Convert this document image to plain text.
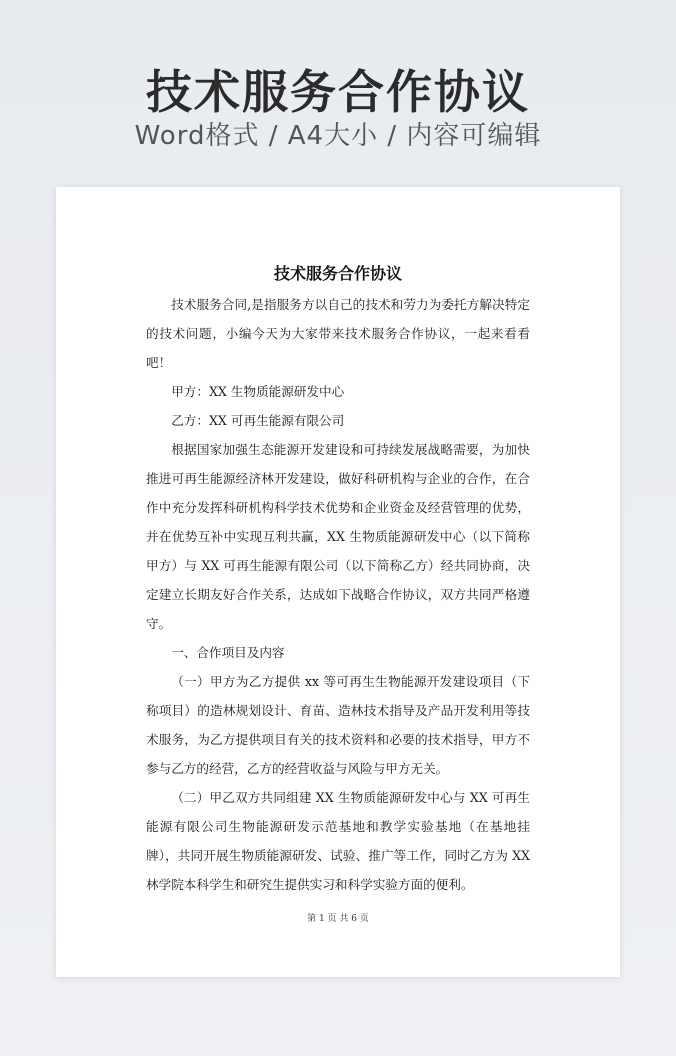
技术服务合作协议
Word格式 / A4大小 / 内容可编辑
技术服务合作协议

技术服务合同,是指服务方以自己的技术和劳力为委托方解决特定的技术问题，小编今天为大家带来技术服务合作协议，一起来看看吧！

甲方：XX 生物质能源研发中心

乙方：XX 可再生能源有限公司

根据国家加强生态能源开发建设和可持续发展战略需要，为加快推进可再生能源经济林开发建设，做好科研机构与企业的合作，在合作中充分发挥科研机构科学技术优势和企业资金及经营管理的优势，并在优势互补中实现互利共赢，XX 生物质能源研发中心（以下简称甲方）与 XX 可再生能源有限公司（以下简称乙方）经共同协商，决定建立长期友好合作关系，达成如下战略合作协议，双方共同严格遵守。

一、合作项目及内容

（一）甲方为乙方提供 xx 等可再生生物能源开发建设项目（下称项目）的造林规划设计、育苗、造林技术指导及产品开发利用等技术服务，为乙方提供项目有关的技术资料和必要的技术指导，甲方不参与乙方的经营，乙方的经营收益与风险与甲方无关。

（二）甲乙双方共同组建 XX 生物质能源研发中心与 XX 可再生能源有限公司生物能源研发示范基地和教学实验基地（在基地挂牌），共同开展生物质能源研发、试验、推广等工作，同时乙方为 XX 林学院本科学生和研究生提供实习和科学实验方面的便利。

第 1 页 共 6 页
